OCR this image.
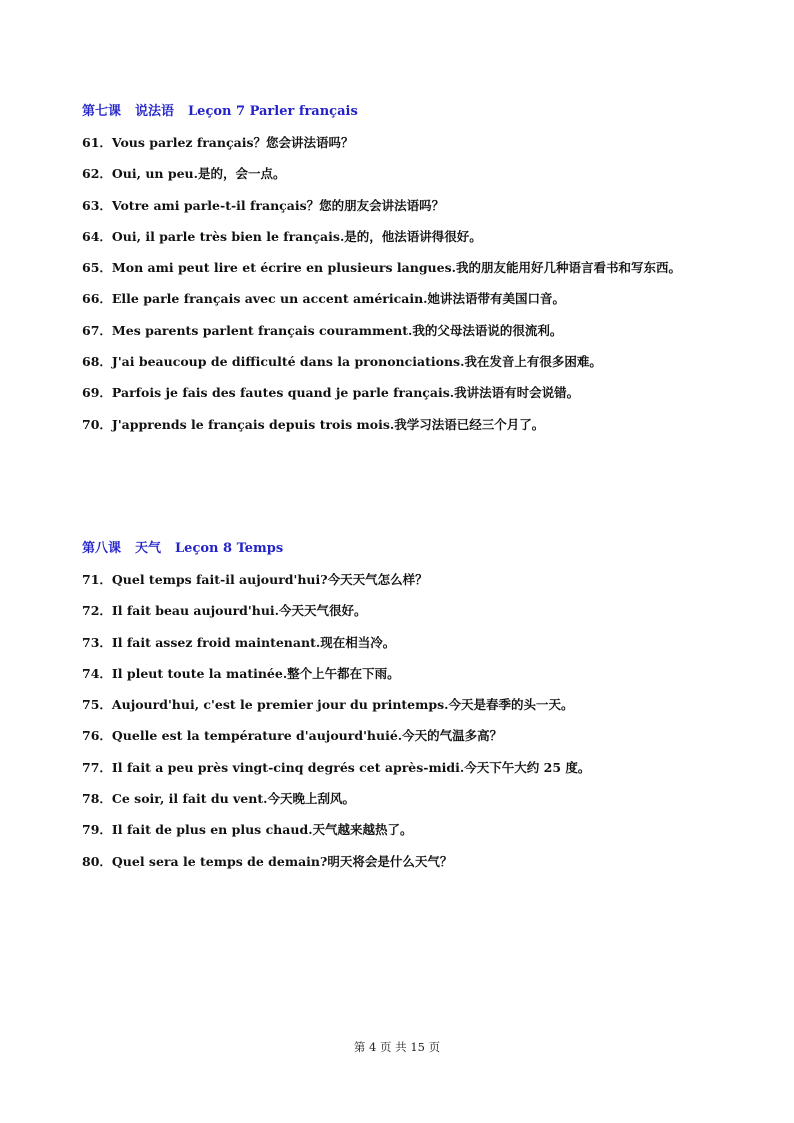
第七课 说法语 Leçon 7 Parler français
61．Vous parlez français？您会讲法语吗？
62．Oui, un peu.是的，会一点。
63．Votre ami parle-t-il français？您的朋友会讲法语吗？
64．Oui, il parle très bien le français.是的，他法语讲得很好。
65．Mon ami peut lire et écrire en plusieurs langues.我的朋友能用好几种语言看书和写东西。
66．Elle parle français avec un accent américain.她讲法语带有美国口音。
67．Mes parents parlent français couramment.我的父母法语说的很流利。
68．J'ai beaucoup de difficulté dans la prononciations.我在发音上有很多困难。
69．Parfois je fais des fautes quand je parle français.我讲法语有时会说错。
70．J'apprends le français depuis trois mois.我学习法语已经三个月了。
第八课 天气 Leçon 8 Temps
71．Quel temps fait-il aujourd'hui?今天天气怎么样？
72．Il fait beau aujourd'hui.今天天气很好。
73．Il fait assez froid maintenant.现在相当冷。
74．Il pleut toute la matinée.整个上午都在下雨。
75．Aujourd'hui, c'est le premier jour du printemps.今天是春季的头一天。
76．Quelle est la température d'aujourd'huié.今天的气温多高？
77．Il fait a peu près vingt-cinq degrés cet après-midi.今天下午大约 25 度。
78．Ce soir, il fait du vent.今天晚上刮风。
79．Il fait de plus en plus chaud.天气越来越热了。
80．Quel sera le temps de demain?明天将会是什么天气？
第 4 页 共 15 页
